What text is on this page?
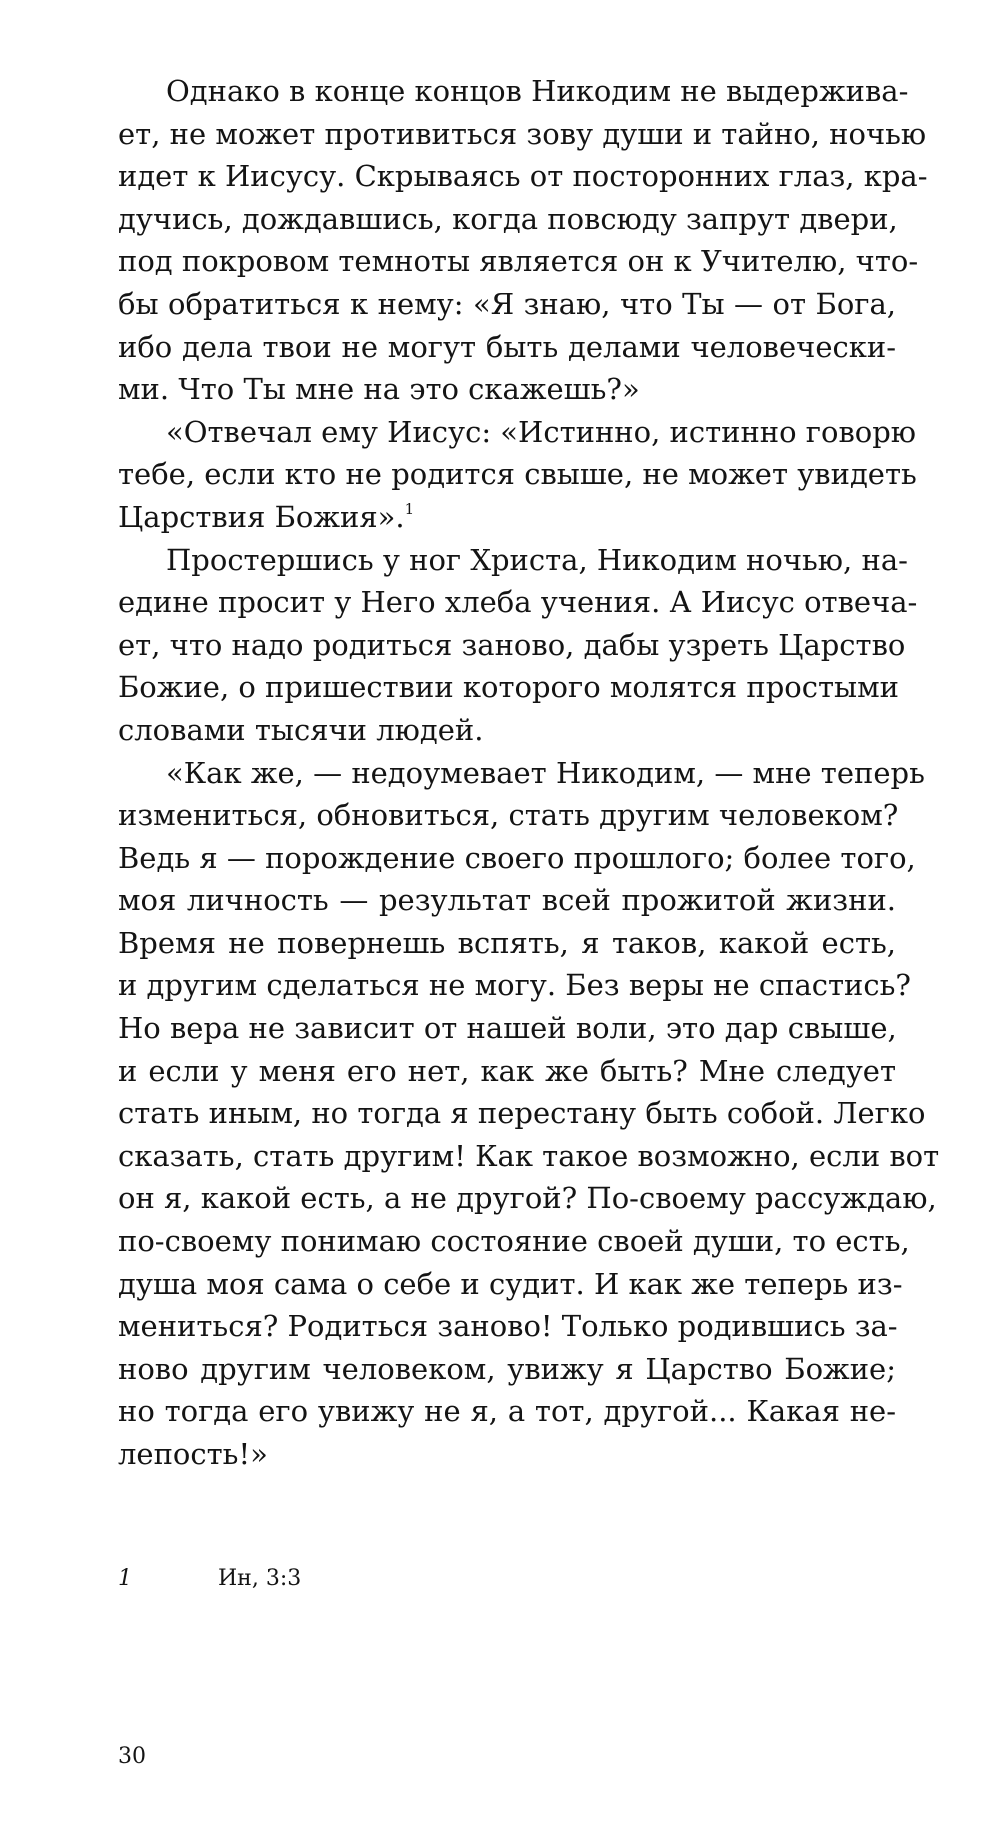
Однако в конце концов Никодим не выдержива-
ет, не может противиться зову души и тайно, ночью
идет к Иисусу. Скрываясь от посторонних глаз, кра-
дучись, дождавшись, когда повсюду запрут двери,
под покровом темноты является он к Учителю, что-
бы обратиться к нему: «Я знаю, что Ты — от Бога,
ибо дела твои не могут быть делами человечески-
ми. Что Ты мне на это скажешь?»
«Отвечал ему Иисус: «Истинно, истинно говорю
тебе, если кто не родится свыше, не может увидеть
Царствия Божия».$^1$
Простершись у ног Христа, Никодим ночью, на-
едине просит у Него хлеба учения. А Иисус отвеча-
ет, что надо родиться заново, дабы узреть Царство
Божие, о пришествии которого молятся простыми
словами тысячи людей.
«Как же, — недоумевает Никодим, — мне теперь
измениться, обновиться, стать другим человеком?
Ведь я — порождение своего прошлого; более того,
моя личность — результат всей прожитой жизни.
Время не повернешь вспять, я таков, какой есть,
и другим сделаться не могу. Без веры не спастись?
Но вера не зависит от нашей воли, это дар свыше,
и если у меня его нет, как же быть? Мне следует
стать иным, но тогда я перестану быть собой. Легко
сказать, стать другим! Как такое возможно, если вот
он я, какой есть, а не другой? По-своему рассуждаю,
по-своему понимаю состояние своей души, то есть,
душа моя сама о себе и судит. И как же теперь из-
мениться? Родиться заново! Только родившись за-
ново другим человеком, увижу я Царство Божие;
но тогда его увижу не я, а тот, другой... Какая не-
лепость!»
1	Ин, 3:3
30
